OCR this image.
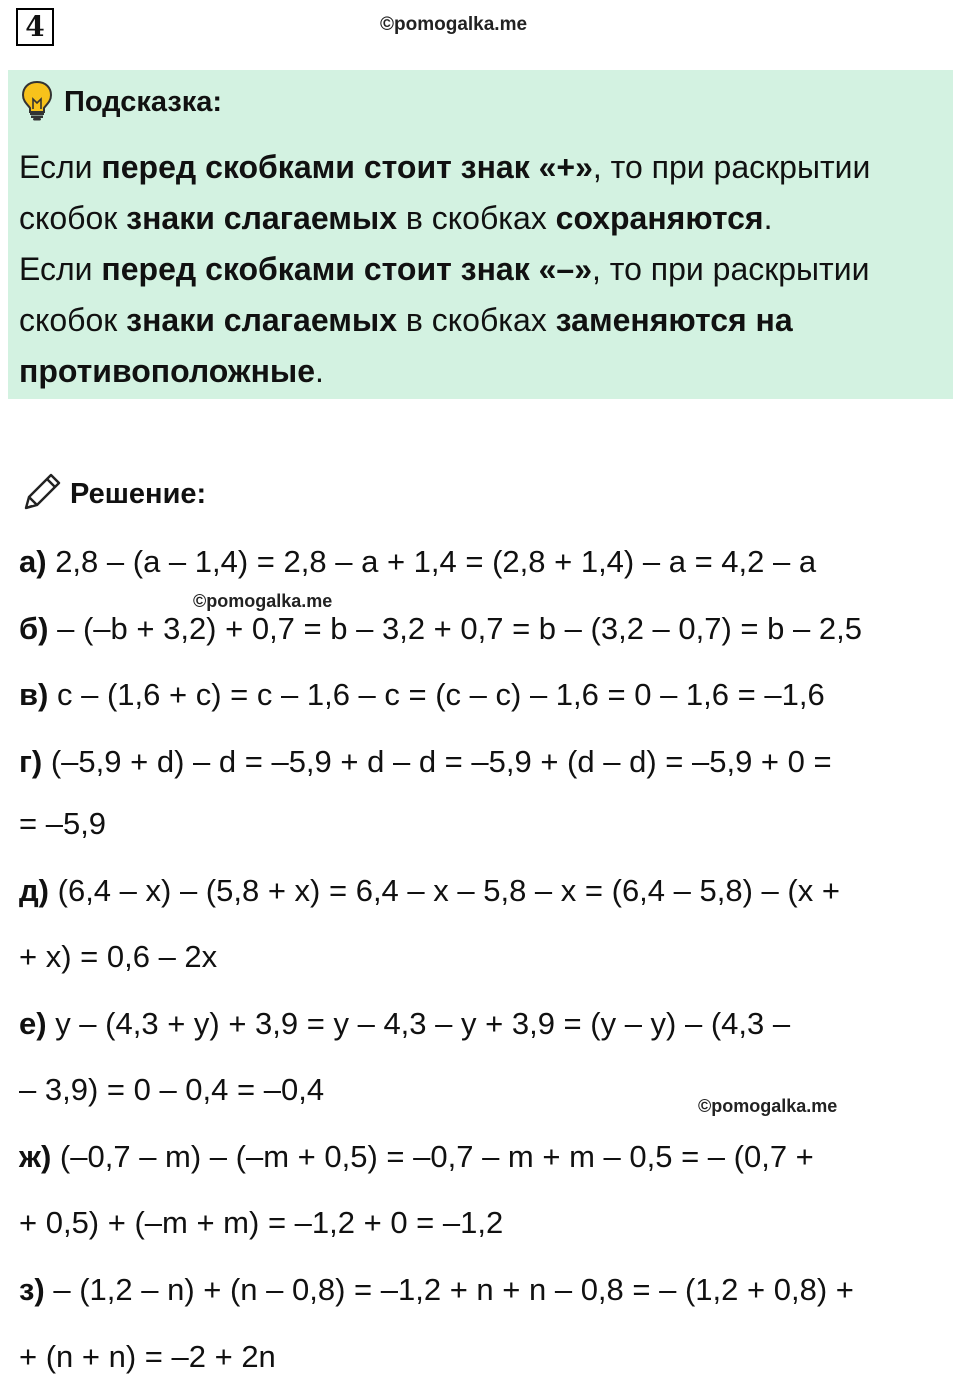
4	©pomogalka.me
Подсказка:

Если перед скобками стоит знак «+», то при раскрытии скобок знаки слагаемых в скобках сохраняются.

Если перед скобками стоит знак «–», то при раскрытии скобок знаки слагаемых в скобках заменяются на противоположные.

Решение:
а) 2,8 – (a – 1,4) = 2,8 – a + 1,4 = (2,8 + 1,4) – a = 4,2 – a
б) – (–b + 3,2) + 0,7 = b – 3,2 + 0,7 = b – (3,2 – 0,7) = b – 2,5
в) c – (1,6 + c) = c – 1,6 – c = (c – c) – 1,6 = 0 – 1,6 = –1,6
г) (–5,9 + d) – d = –5,9 + d – d = –5,9 + (d – d) = –5,9 + 0 =
= –5,9
д) (6,4 – x) – (5,8 + x) = 6,4 – x – 5,8 – x = (6,4 – 5,8) – (x +
+ x) = 0,6 – 2x
е) y – (4,3 + y) + 3,9 = y – 4,3 – y + 3,9 = (y – y) – (4,3 –
– 3,9) = 0 – 0,4 = –0,4
ж) (–0,7 – m) – (–m + 0,5) = –0,7 – m + m – 0,5 = – (0,7 +
+ 0,5) + (–m + m) = –1,2 + 0 = –1,2
з) – (1,2 – n) + (n – 0,8) = –1,2 + n + n – 0,8 = – (1,2 + 0,8) +
+ (n + n) = –2 + 2n
©pomogalka.me
©pomogalka.me
